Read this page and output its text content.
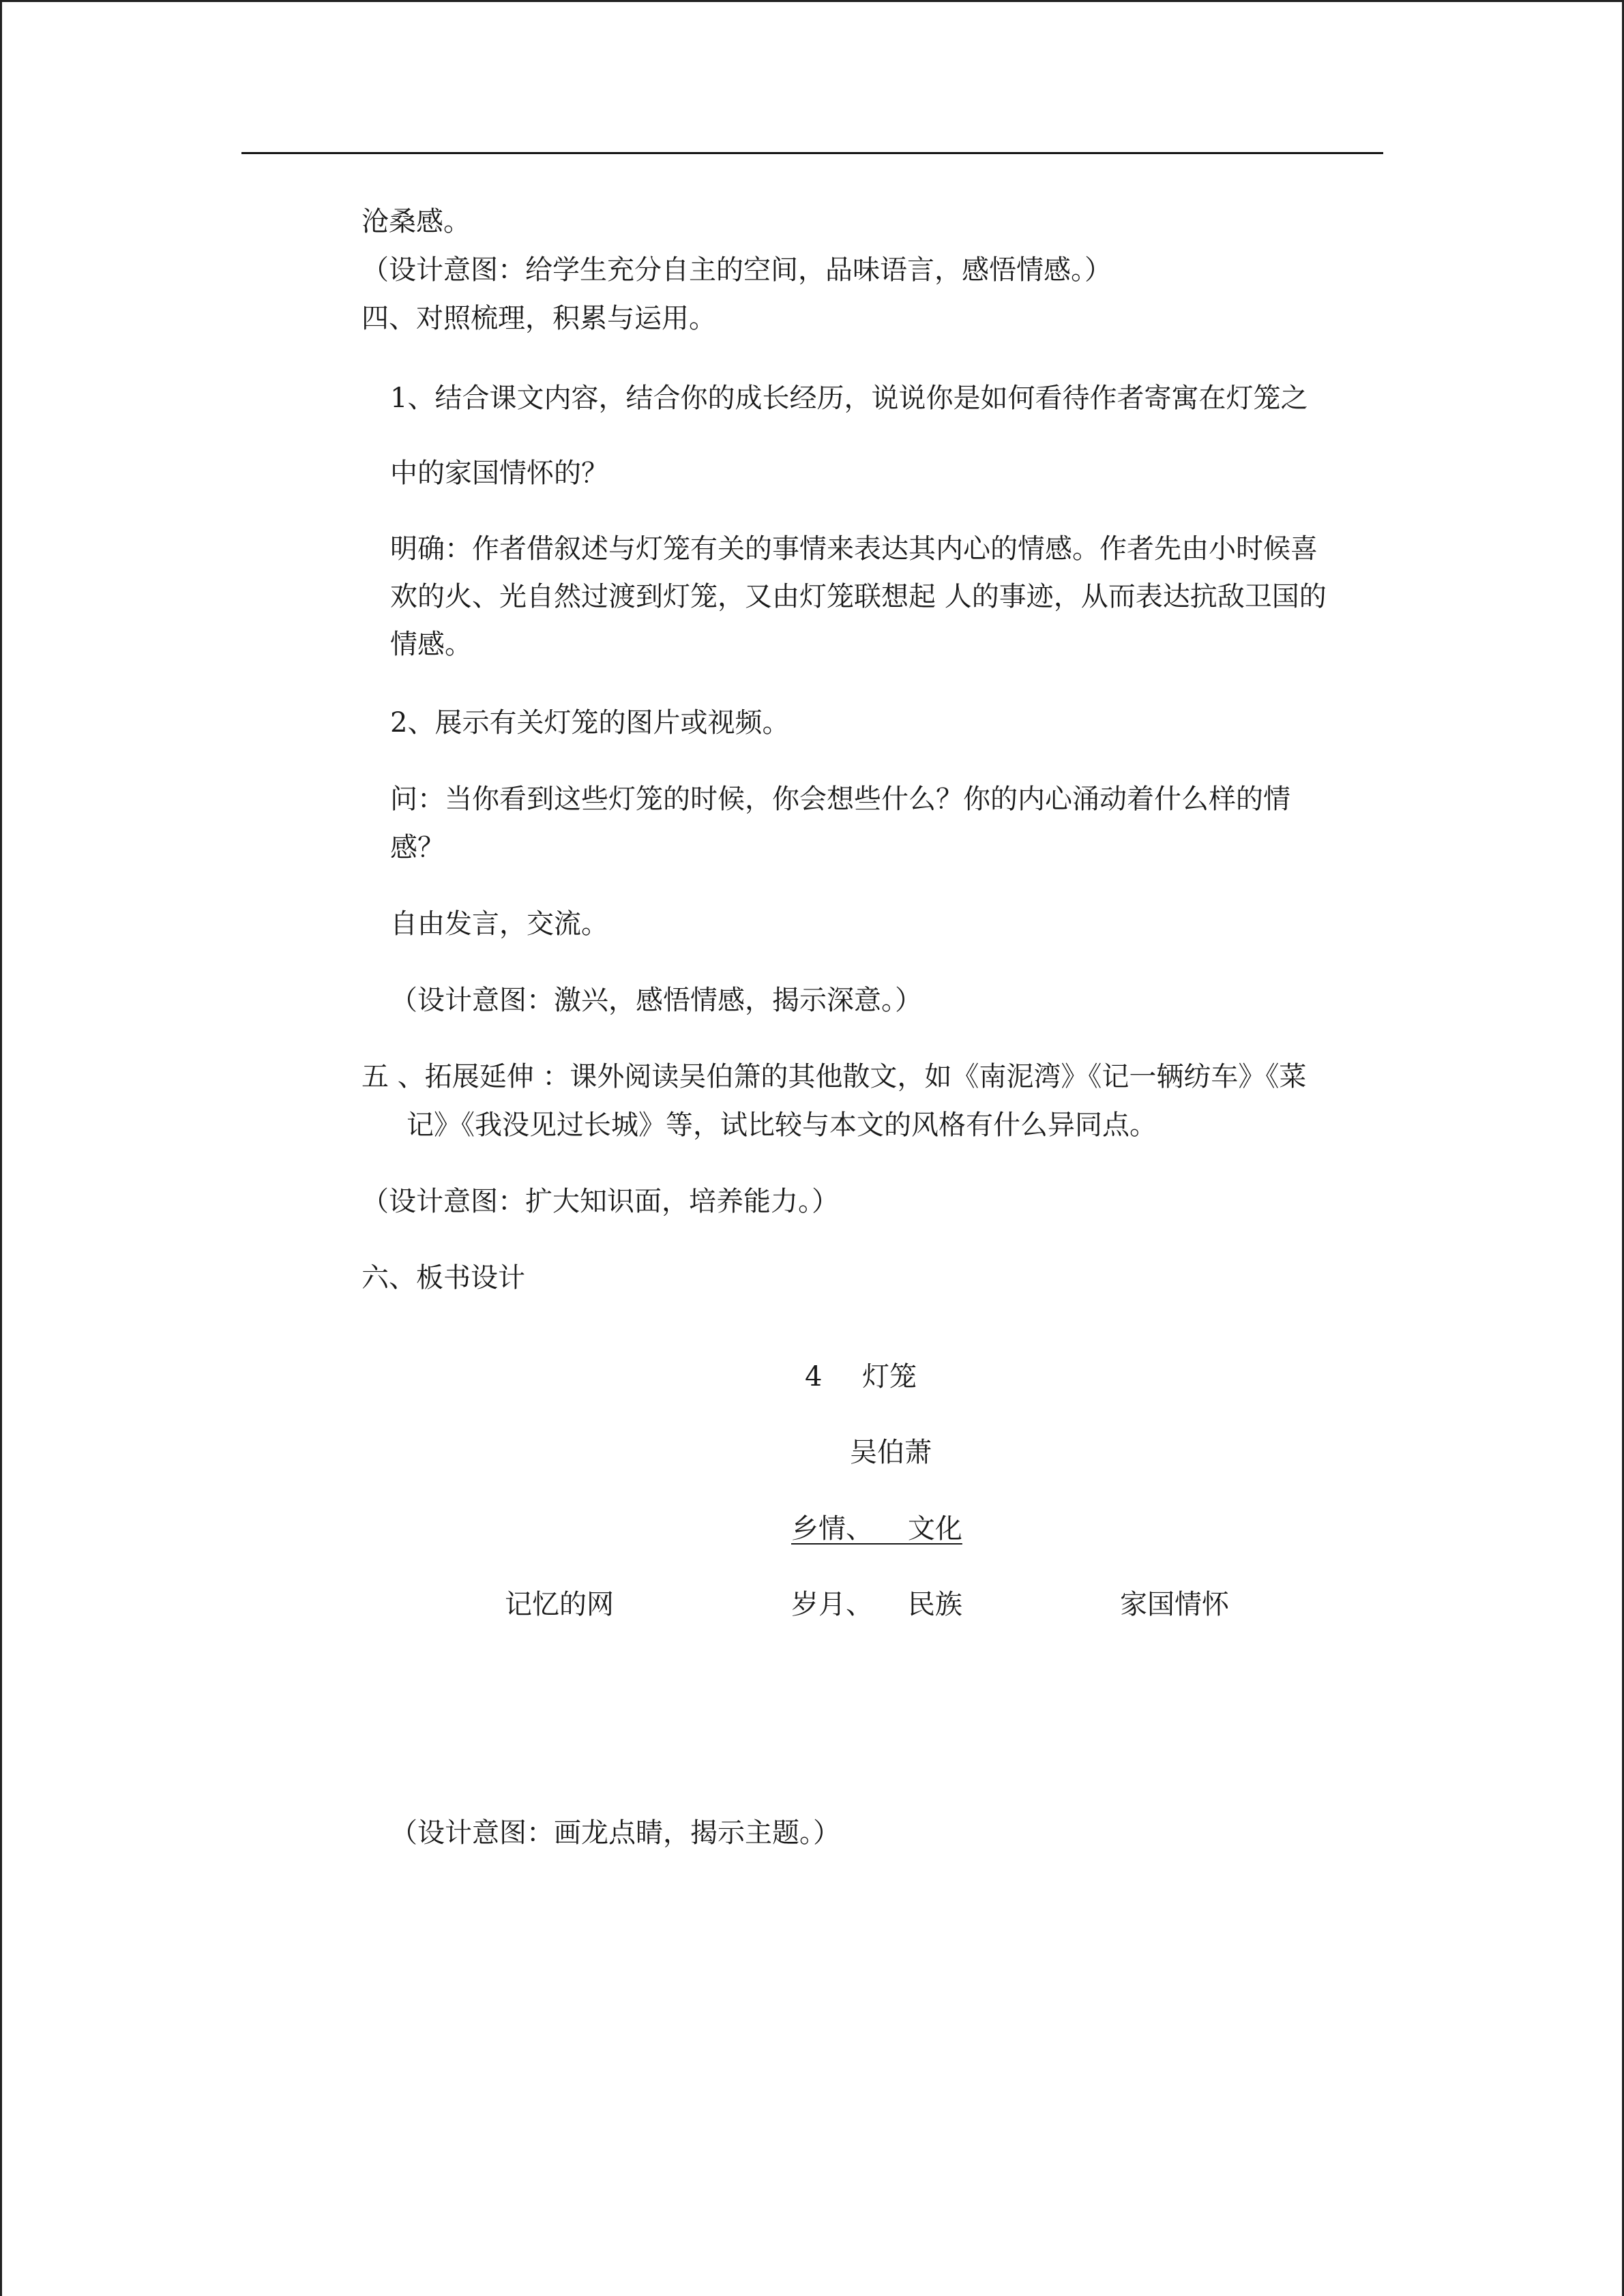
沧桑感。
（设计意图：给学生充分自主的空间，品味语言，感悟情感。）
四、对照梳理，积累与运用。
1、结合课文内容，结合你的成长经历，说说你是如何看待作者寄寓在灯笼之
中的家国情怀的？
明确：作者借叙述与灯笼有关的事情来表达其内心的情感。作者先由小时候喜
欢的火、光自然过渡到灯笼，又由灯笼联想起 人的事迹，从而表达抗敌卫国的
情感。
2、展示有关灯笼的图片或视频。
问：当你看到这些灯笼的时候，你会想些什么？你的内心涌动着什么样的情
感？
自由发言，交流。
（设计意图：激兴，感悟情感，揭示深意。）
五 、拓展延伸 ：课外阅读吴伯箫的其他散文，如《南泥湾》《记一辆纺车》《菜
记》《我没见过长城》等，试比较与本文的风格有什么异同点。
（设计意图：扩大知识面，培养能力。）
六、板书设计
4 灯笼
吴伯萧
乡情、    文化
记忆的网	岁月、    民族	家国情怀
（设计意图：画龙点睛，揭示主题。）
